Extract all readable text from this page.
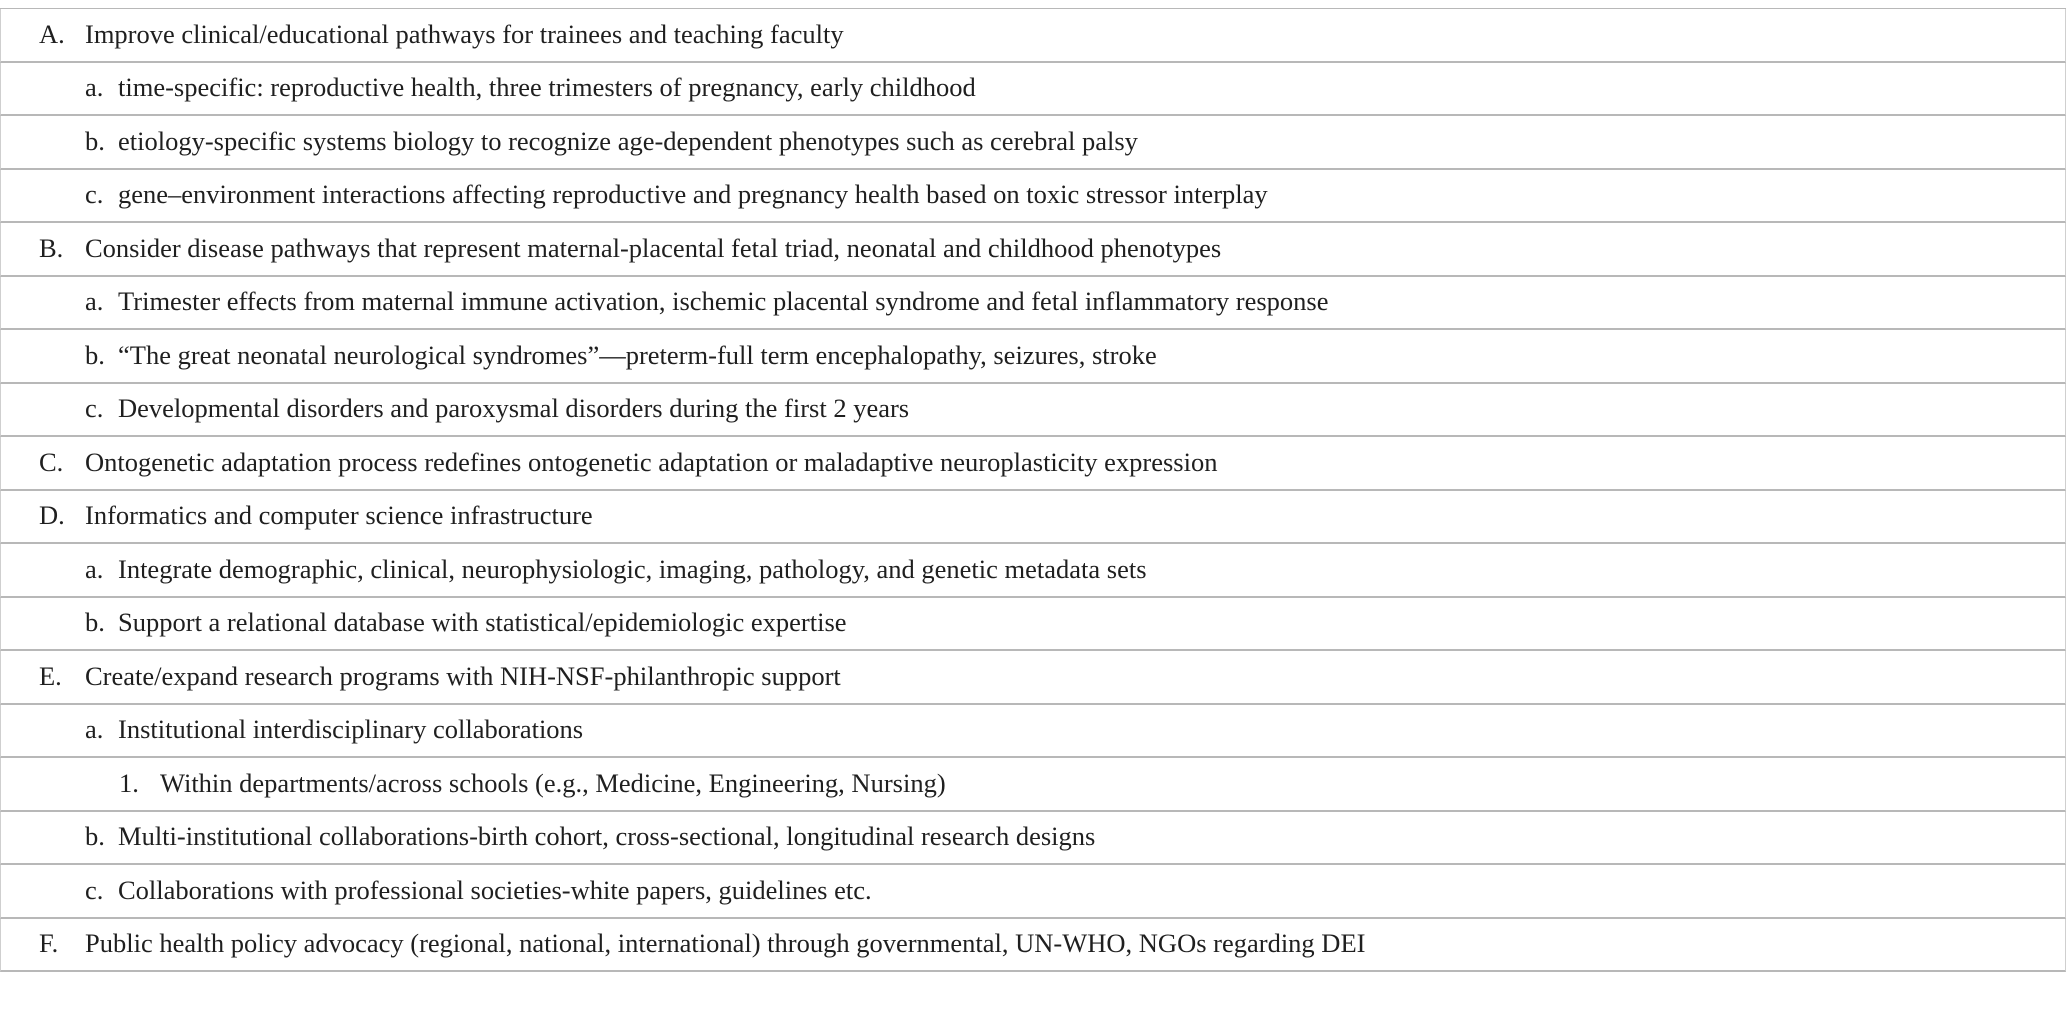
A. Improve clinical/educational pathways for trainees and teaching faculty
a. time-specific: reproductive health, three trimesters of pregnancy, early childhood
b. etiology-specific systems biology to recognize age-dependent phenotypes such as cerebral palsy
c. gene–environment interactions affecting reproductive and pregnancy health based on toxic stressor interplay
B. Consider disease pathways that represent maternal-placental fetal triad, neonatal and childhood phenotypes
a. Trimester effects from maternal immune activation, ischemic placental syndrome and fetal inflammatory response
b. “The great neonatal neurological syndromes”—preterm-full term encephalopathy, seizures, stroke
c. Developmental disorders and paroxysmal disorders during the first 2 years
C. Ontogenetic adaptation process redefines ontogenetic adaptation or maladaptive neuroplasticity expression
D. Informatics and computer science infrastructure
a. Integrate demographic, clinical, neurophysiologic, imaging, pathology, and genetic metadata sets
b. Support a relational database with statistical/epidemiologic expertise
E. Create/expand research programs with NIH-NSF-philanthropic support
a. Institutional interdisciplinary collaborations
1. Within departments/across schools (e.g., Medicine, Engineering, Nursing)
b. Multi-institutional collaborations-birth cohort, cross-sectional, longitudinal research designs
c. Collaborations with professional societies-white papers, guidelines etc.
F. Public health policy advocacy (regional, national, international) through governmental, UN-WHO, NGOs regarding DEI
